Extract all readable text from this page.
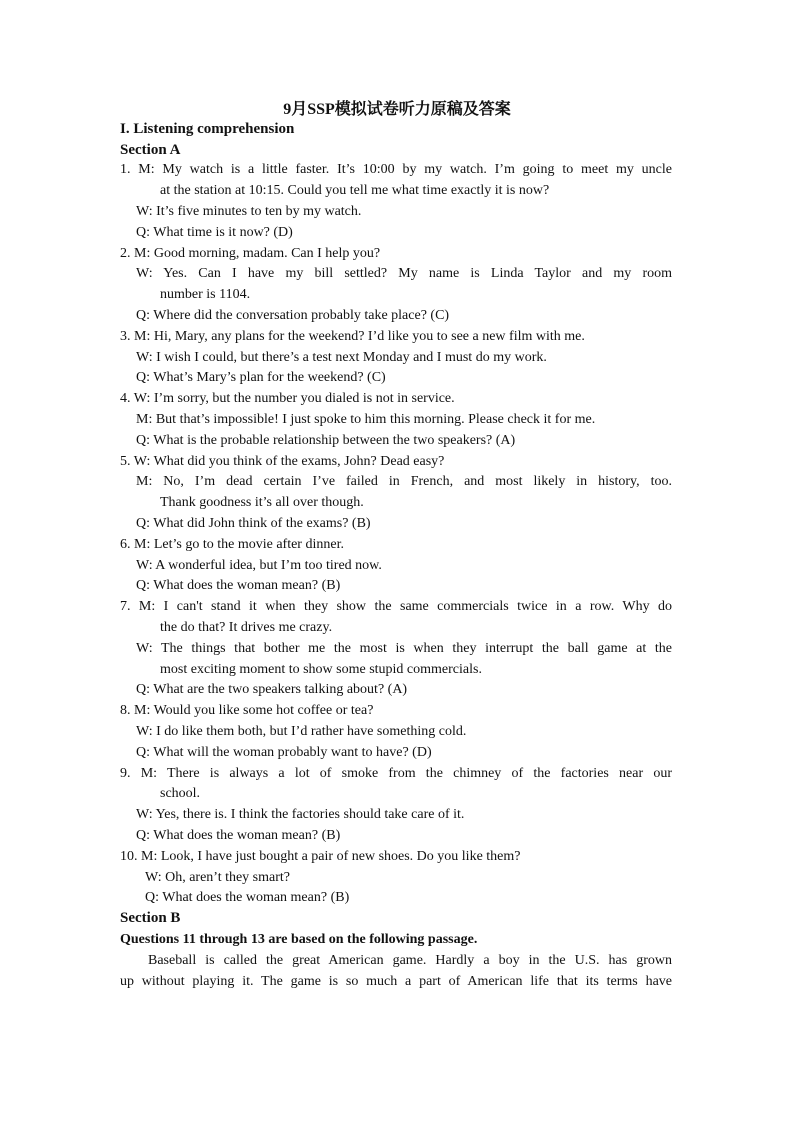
9月SSP模拟试卷听力原稿及答案
I. Listening comprehension
Section A
1. M: My watch is a little faster. It’s 10:00 by my watch. I’m going to meet my uncle
at the station at 10:15. Could you tell me what time exactly it is now?
W: It’s five minutes to ten by my watch.
Q: What time is it now? (D)
2. M: Good morning, madam. Can I help you?
W: Yes. Can I have my bill settled? My name is Linda Taylor and my room
number is 1104.
Q: Where did the conversation probably take place? (C)
3. M: Hi, Mary, any plans for the weekend? I’d like you to see a new film with me.
W: I wish I could, but there’s a test next Monday and I must do my work.
Q: What’s Mary’s plan for the weekend? (C)
4. W: I’m sorry, but the number you dialed is not in service.
M: But that’s impossible! I just spoke to him this morning. Please check it for me.
Q: What is the probable relationship between the two speakers? (A)
5. W: What did you think of the exams, John? Dead easy?
M: No, I’m dead certain I’ve failed in French, and most likely in history, too.
Thank goodness it’s all over though.
Q: What did John think of the exams? (B)
6. M: Let’s go to the movie after dinner.
W: A wonderful idea, but I’m too tired now.
Q: What does the woman mean? (B)
7. M: I can't stand it when they show the same commercials twice in a row. Why do
the do that? It drives me crazy.
W: The things that bother me the most is when they interrupt the ball game at the
most exciting moment to show some stupid commercials.
Q: What are the two speakers talking about? (A)
8. M: Would you like some hot coffee or tea?
W: I do like them both, but I’d rather have something cold.
Q: What will the woman probably want to have? (D)
9. M: There is always a lot of smoke from the chimney of the factories near our
school.
W: Yes, there is. I think the factories should take care of it.
Q: What does the woman mean? (B)
10. M: Look, I have just bought a pair of new shoes. Do you like them?
W: Oh, aren’t they smart?
Q: What does the woman mean? (B)
Section B
Questions 11 through 13 are based on the following passage.
Baseball is called the great American game. Hardly a boy in the U.S. has grown
up without playing it. The game is so much a part of American life that its terms have
